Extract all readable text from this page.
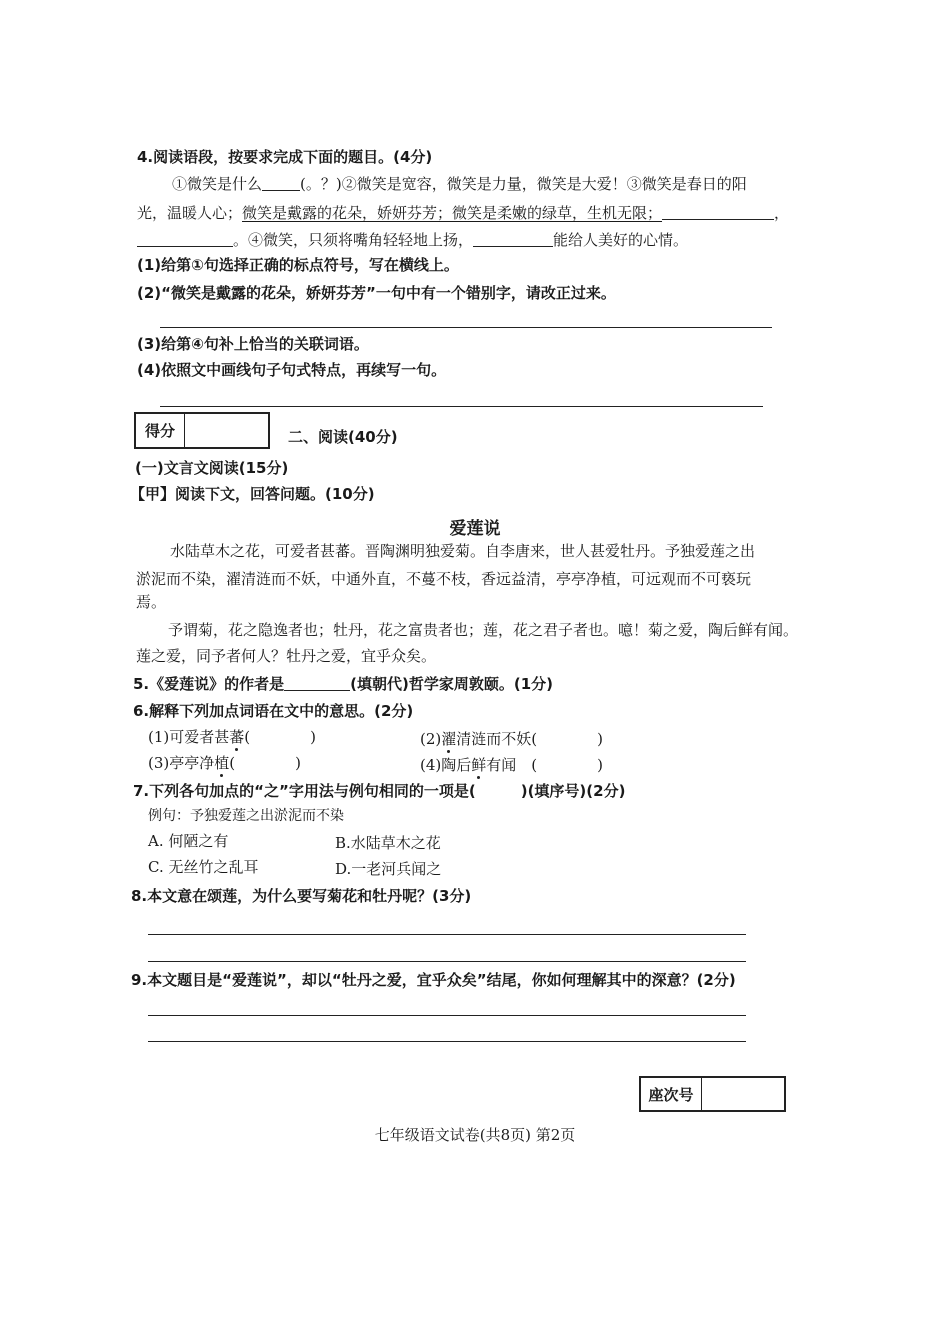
4.阅读语段，按要求完成下面的题目。(4分)
①微笑是什么	(。？)②微笑是宽容，微笑是力量，微笑是大爱！③微笑是春日的阳
光，温暖人心；微笑是戴露的花朵，娇妍芬芳；微笑是柔嫩的绿草，生机无限；	，
。④微笑，只须将嘴角轻轻地上扬，	能给人美好的心情。
(1)给第①句选择正确的标点符号，写在横线上。
(2)“微笑是戴露的花朵，娇妍芬芳”一句中有一个错别字，请改正过来。
(3)给第④句补上恰当的关联词语。
(4)依照文中画线句子句式特点，再续写一句。
得分	二、阅读(40分)
(一)文言文阅读(15分)
【甲】阅读下文，回答问题。(10分)
爱莲说
水陆草木之花，可爱者甚蕃。晋陶渊明独爱菊。自李唐来，世人甚爱牡丹。予独爱莲之出
淤泥而不染，濯清涟而不妖，中通外直，不蔓不枝，香远益清，亭亭净植，可远观而不可亵玩
焉。
予谓菊，花之隐逸者也；牡丹，花之富贵者也；莲，花之君子者也。噫！菊之爱，陶后鲜有闻。
莲之爱，同予者何人？牡丹之爱，宜乎众矣。
5.《爱莲说》的作者是	(填朝代)哲学家周敦颐。(1分)
6.解释下列加点词语在文中的意思。(2分)
(1)可爱者甚蕃(　　　　)	(2)濯清涟而不妖(　　　　)
(3)亭亭净植(　　　　)	(4)陶后鲜有闻　(　　　　)
7.下列各句加点的“之”字用法与例句相同的一项是(　　　)(填序号)(2分)
例句：予独爱莲之出淤泥而不染
A. 何陋之有	B.水陆草木之花
C. 无丝竹之乱耳	D.一老河兵闻之
8.本文意在颂莲，为什么要写菊花和牡丹呢？(3分)
9.本文题目是“爱莲说”，却以“牡丹之爱，宜乎众矣”结尾，你如何理解其中的深意？(2分)
座次号
七年级语文试卷(共8页) 第2页
